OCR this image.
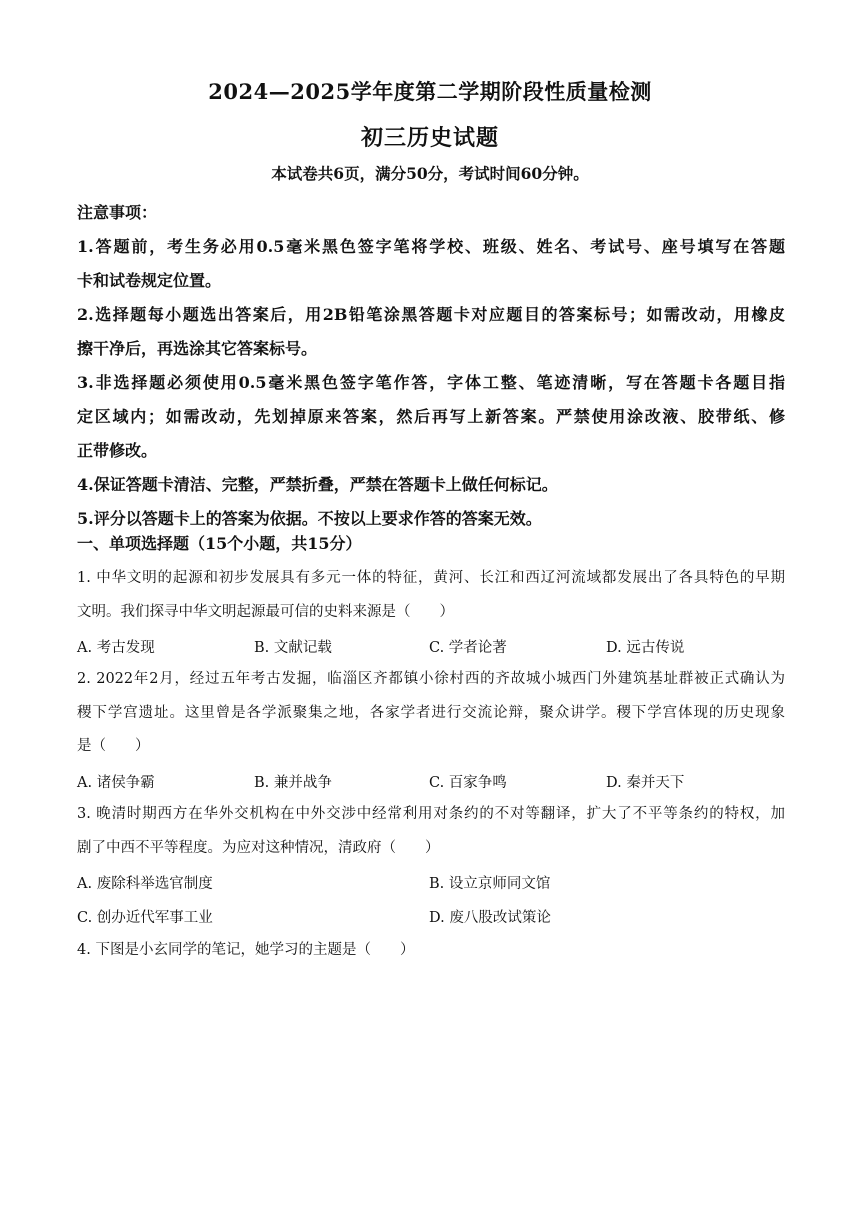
2024—2025学年度第二学期阶段性质量检测
初三历史试题
本试卷共6页，满分50分，考试时间60分钟。
注意事项：
1.答题前，考生务必用0.5毫米黑色签字笔将学校、班级、姓名、考试号、座号填写在答题
卡和试卷规定位置。
2.选择题每小题选出答案后，用2B铅笔涂黑答题卡对应题目的答案标号；如需改动，用橡皮
擦干净后，再选涂其它答案标号。
3.非选择题必须使用0.5毫米黑色签字笔作答，字体工整、笔迹清晰，写在答题卡各题目指
定区域内；如需改动，先划掉原来答案，然后再写上新答案。严禁使用涂改液、胶带纸、修
正带修改。
4.保证答题卡清洁、完整，严禁折叠，严禁在答题卡上做任何标记。
5.评分以答题卡上的答案为依据。不按以上要求作答的答案无效。
一、单项选择题（15个小题，共15分）
1. 中华文明的起源和初步发展具有多元一体的特征，黄河、长江和西辽河流域都发展出了各具特色的早期
文明。我们探寻中华文明起源最可信的史料来源是（　　）
A. 考古发现	B. 文献记载	C. 学者论著	D. 远古传说
2. 2022年2月，经过五年考古发掘，临淄区齐都镇小徐村西的齐故城小城西门外建筑基址群被正式确认为
稷下学宫遗址。这里曾是各学派聚集之地，各家学者进行交流论辩，聚众讲学。稷下学宫体现的历史现象
是（　　）
A. 诸侯争霸	B. 兼并战争	C. 百家争鸣	D. 秦并天下
3. 晚清时期西方在华外交机构在中外交涉中经常利用对条约的不对等翻译，扩大了不平等条约的特权，加
剧了中西不平等程度。为应对这种情况，清政府（　　）
A. 废除科举选官制度	B. 设立京师同文馆
C. 创办近代军事工业	D. 废八股改试策论
4. 下图是小玄同学的笔记，她学习的主题是（　　）
